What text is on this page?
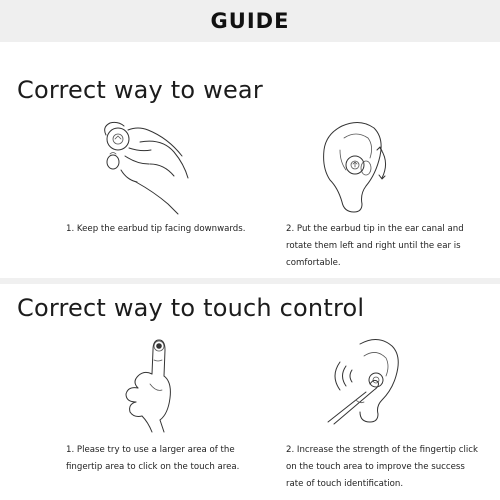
GUIDE
Correct way to wear

1. Keep the earbud tip facing downwards.	2. Put the earbud tip in the ear canal and
rotate them left and right until the ear is
comfortable.

Correct way to touch control

1. Please try to use a larger area of the
fingertip area to click on the touch area.

2. Increase the strength of the fingertip click
on the touch area to improve the success
rate of touch identification.
